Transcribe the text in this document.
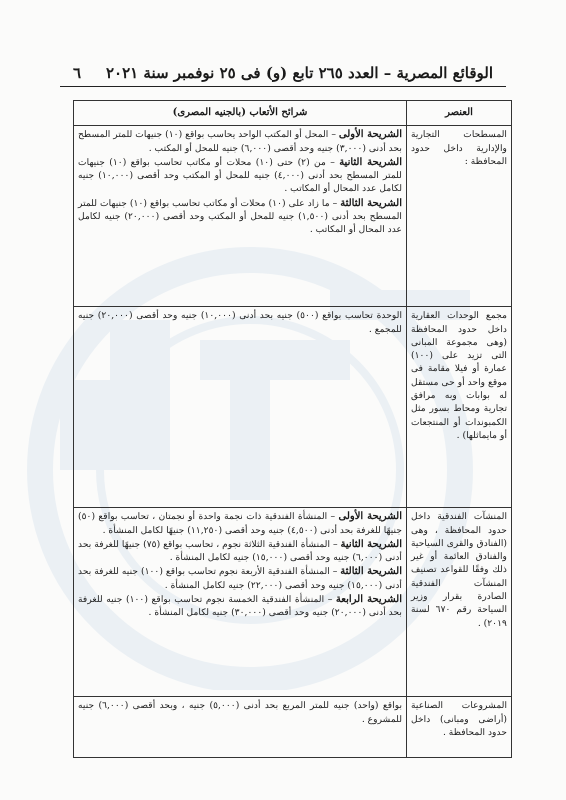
الوقائع المصرية – العدد ٢٦٥ تابع (و) فى ٢٥ نوفمبر سنة ٢٠٢١
٦
العنصر	شرائح الأتعاب (بالجنيه المصرى)
المسطحات التجارية والإدارية داخل حدود المحافظة :	الشريحة الأولى – المحل أو المكتب الواحد يحاسب بواقع (١٠) جنيهات للمتر المسطح بحد أدنى (٣,٠٠٠) جنيه وحد أقصى (٦,٠٠٠) جنيه للمحل أو المكتب .

الشريحة الثانية – من (٢) حتى (١٠) محلات أو مكاتب تحاسب بواقع (١٠) جنيهات للمتر المسطح بحد أدنى (٤,٠٠٠) جنيه للمحل أو المكتب وحد أقصى (١٠,٠٠٠) جنيه لكامل عدد المحال أو المكاتب .

الشريحة الثالثة – ما زاد على (١٠) محلات أو مكاتب تحاسب بواقع (١٠) جنيهات للمتر المسطح بحد أدنى (١,٥٠٠) جنيه للمحل أو المكتب وحد أقصى (٢٠,٠٠٠) جنيه لكامل عدد المحال أو المكاتب .

مجمع الوحدات العقارية داخل حدود المحافظة (وهى مجموعة المبانى التى تزيد على (١٠٠) عمارة أو فيلا مقامة فى موقع واحد أو حى مستقل له بوابات وبه مرافق تجارية ومحاط بسور مثل الكمبوندات أو المنتجعات أو مايماثلها) .	الوحدة تحاسب بواقع (٥٠٠) جنيه بحد أدنى (١٠,٠٠٠) جنيه وحد أقصى (٢٠,٠٠٠) جنيه للمجمع .
المنشآت الفندقية داخل حدود المحافظة ، وهى (الفنادق والقرى السياحية والفنادق العائمة أو غير ذلك وفقًا للقواعد تصنيف المنشآت الفندقية الصادرة بقرار وزير السياحة رقم ٦٧٠ لسنة ٢٠١٩) .	الشريحة الأولى – المنشأة الفندقية ذات نجمة واحدة أو نجمتان ، تحاسب بواقع (٥٠) جنيهًا للغرفة بحد أدنى (٤,٥٠٠) جنيه وحد أقصى (١١,٢٥٠) جنيهًا لكامل المنشأة .

الشريحة الثانية – المنشأة الفندقية الثلاثة نجوم ، تحاسب بواقع (٧٥) جنيهًا للغرفة بحد أدنى (٦,٠٠٠) جنيه وحد أقصى (١٥,٠٠٠) جنيه لكامل المنشأة .

الشريحة الثالثة – المنشأة الفندقية الأربعة نجوم تحاسب بواقع (١٠٠) جنيه للغرفة بحد أدنى (١٥,٠٠٠) جنيه وحد أقصى (٢٢,٠٠٠) جنيه لكامل المنشأة .

الشريحة الرابعة – المنشأة الفندقية الخمسة نجوم تحاسب بواقع (١٠٠) جنيه للغرفة بحد أدنى (٢٠,٠٠٠) جنيه وحد أقصى (٣٠,٠٠٠) جنيه لكامل المنشأة .

المشروعات الصناعية (أراضى ومبانى) داخل حدود المحافظة .	بواقع (واحد) جنيه للمتر المربع بحد أدنى (٥,٠٠٠) جنيه ، وبحد أقصى (٦,٠٠٠) جنيه للمشروع .
